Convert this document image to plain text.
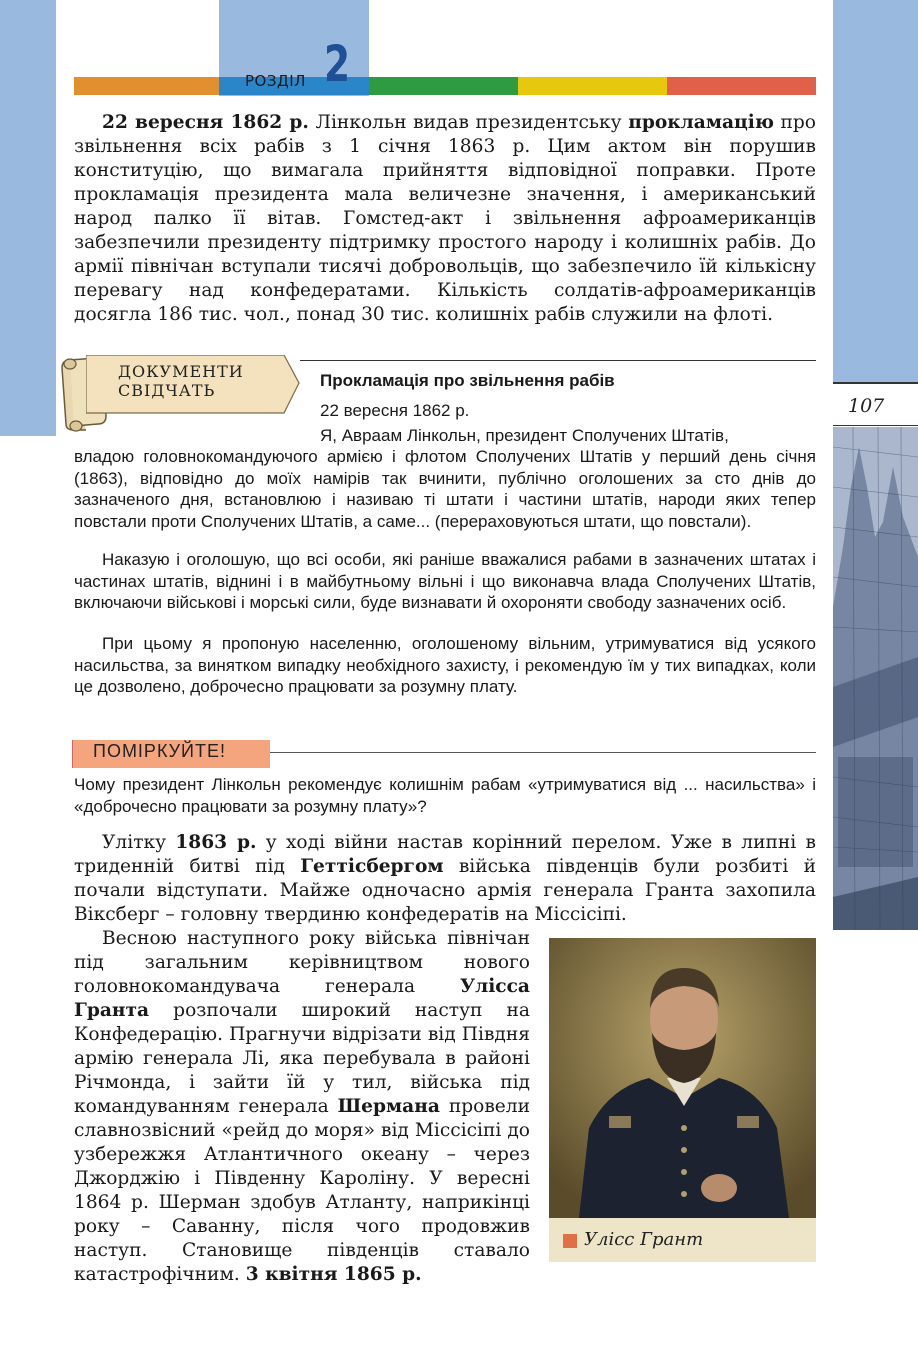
РОЗДІЛ 2
107

22 вересня 1862 р. Лінкольн видав президентську прокламацію про звільнення всіх рабів з 1 січня 1863 р. Цим актом він порушив конституцію, що вимагала прийняття відповідної поправки. Проте прокламація президента мала величезне значення, і американський народ палко її вітав. Гомстед-акт і звільнення афроамериканців забезпечили президенту підтримку простого народу і колишніх рабів. До армії північан вступали тисячі добровольців, що забезпечило їй кількісну перевагу над конфедератами. Кількість солдатів-афроамериканців досягла 186 тис. чол., понад 30 тис. колишніх рабів служили на флоті.

ДОКУМЕНТИ
СВІДЧАТЬ
Прокламація про звільнення рабів
22 вересня 1862 р.

Я, Авраам Лінкольн, президент Сполучених Штатів,

владою головнокомандуючого армією і флотом Сполучених Штатів у перший день січня (1863), відповідно до моїх намірів так вчинити, публічно оголошених за сто днів до зазначеного дня, встановлюю і називаю ті штати і частини штатів, народи яких тепер повстали проти Сполучених Штатів, а саме... (перераховуються штати, що повстали).

Наказую і оголошую, що всі особи, які раніше вважалися рабами в зазначених штатах і частинах штатів, віднині і в майбутньому вільні і що виконавча влада Сполучених Штатів, включаючи військові і морські сили, буде визнавати й охороняти свободу зазначених осіб.

При цьому я пропоную населенню, оголошеному вільним, утримуватися від усякого насильства, за винятком випадку необхідного захисту, і рекомендую їм у тих випадках, коли це дозволено, доброчесно працювати за розумну плату.

ПОМІРКУЙТЕ!

Чому президент Лінкольн рекомендує колишнім рабам «утримуватися від ... насильства» і «доброчесно працювати за розумну плату»?

Улітку 1863 р. у ході війни настав корінний перелом. Уже в липні в триденній битві під Геттісбергом війська південців були розбиті й почали відступати. Майже одночасно армія генерала Гранта захопила Віксберг – головну твердиню конфедератів на Міссісіпі.

Весною наступного року війська північан під загальним керівництвом нового головнокомандувача генерала Улісса Гранта розпочали широкий наступ на Конфедерацію. Прагнучи відрізати від Півдня армію генерала Лі, яка перебувала в районі Річмонда, і зайти їй у тил, війська під командуванням генерала Шермана провели славнозвісний «рейд до моря» від Міссісіпі до узбережжя Атлантичного океану – через Джорджію і Південну Кароліну. У вересні 1864 р. Шерман здобув Атланту, наприкінці року – Саванну, після чого продовжив наступ. Становище південців ставало катастрофічним. 3 квітня 1865 р.

Улісс Грант
